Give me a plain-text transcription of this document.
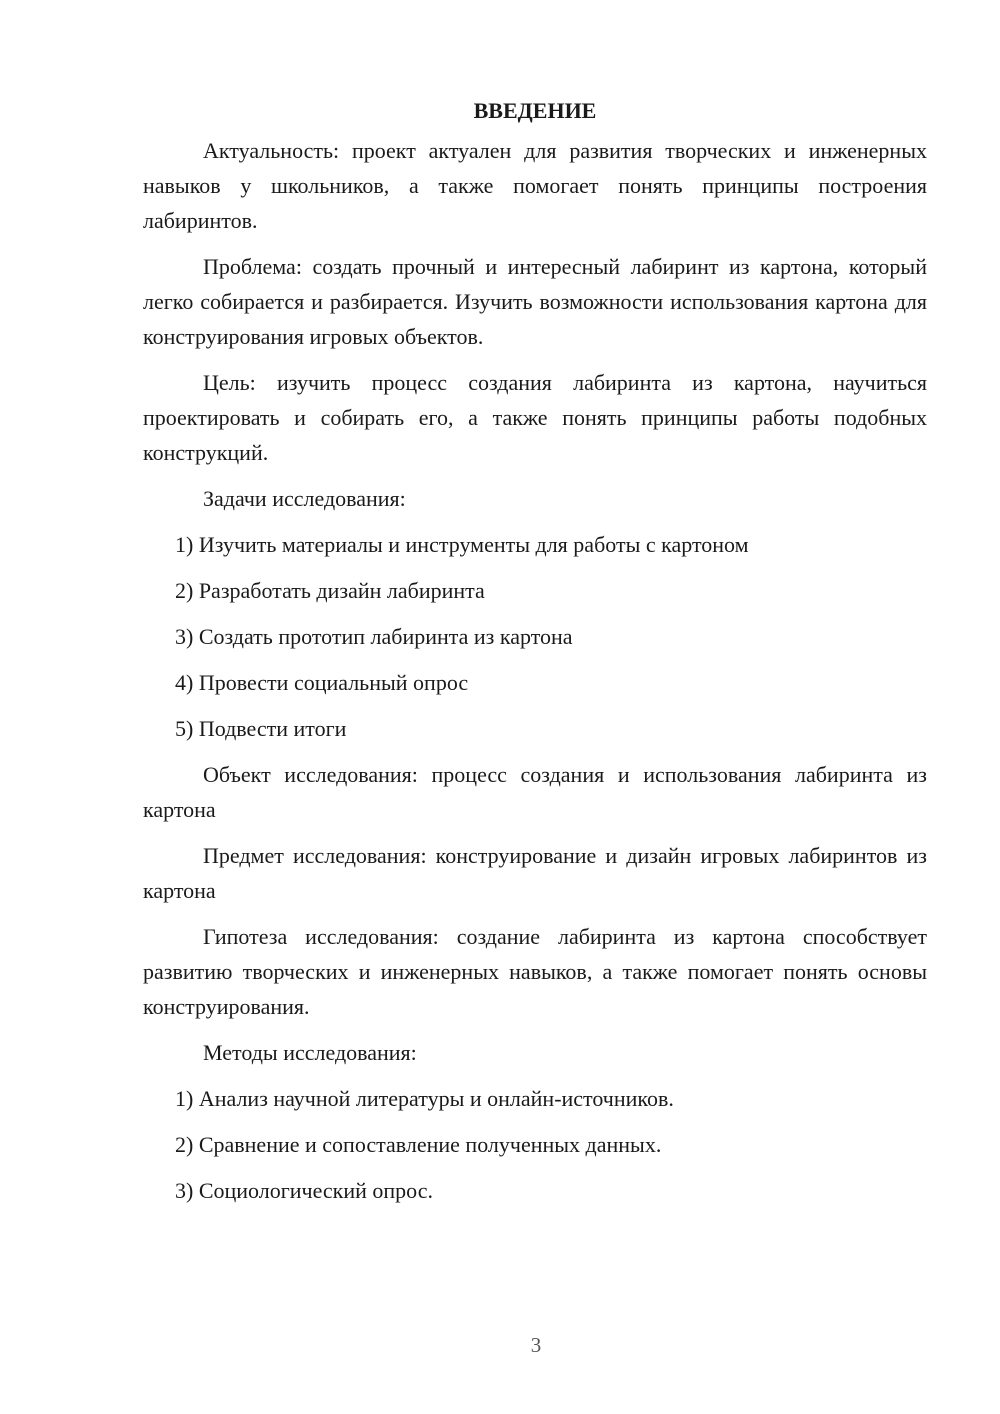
ВВЕДЕНИЕ

Актуальность: проект актуален для развития творческих и инженерных навыков у школьников, а также помогает понять принципы построения лабиринтов.

Проблема: создать прочный и интересный лабиринт из картона, который легко собирается и разбирается. Изучить возможности использования картона для конструирования игровых объектов.

Цель: изучить процесс создания лабиринта из картона, научиться проектировать и собирать его, а также понять принципы работы подобных конструкций.

Задачи исследования:

1) Изучить материалы и инструменты для работы с картоном
2) Разработать дизайн лабиринта
3) Создать прототип лабиринта из картона
4) Провести социальный опрос
5) Подвести итоги

Объект исследования: процесс создания и использования лабиринта из картона

Предмет исследования: конструирование и дизайн игровых лабиринтов из картона

Гипотеза исследования: создание лабиринта из картона способствует развитию творческих и инженерных навыков, а также помогает понять основы конструирования.

Методы исследования:

1) Анализ научной литературы и онлайн-источников.
2) Сравнение и сопоставление полученных данных.
3) Социологический опрос.
3
